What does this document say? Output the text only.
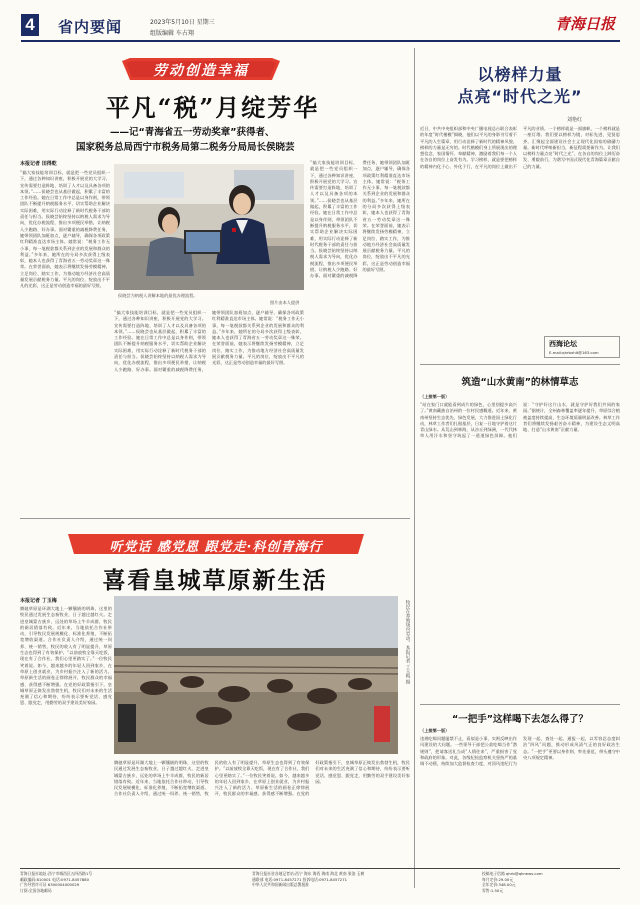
4 省内要闻	2023年5月10日 星期三
组版编辑 车占翔
青海日报
劳动创造幸福
平凡“税”月绽芳华
——记“青海省五一劳动奖章”获得者、
国家税务总局西宁市税务局第二税务分局局长侯晓芸
本报记者 田得乾
“搞大家技能培训目标，就是把一些党员组织一下，通过各种知识讲座，积极开展党的大学习。宣传需要打造阵地、培训了人才以及具备各项的本领。”……侯晓芸也从基层做起，积累了丰富的工作经验。她在日常工作中总是以身作则，带领团队不断提升纳税服务水平，切实帮助企业解决实际困难，用实际行动诠释了新时代税务干部的责任与担当。侯晓芸始终坚持以纳税人需求为导向，优化办税流程，推出多项便民举措，让纳税人少跑路、好办事。面对繁重的减税降费任务，她带领团队加班加点，逐户辅导，确保各项政策红利精准直达市场主体。她常说：“税务工作无小事，每一笔税款都关系到企业的发展和群众的利益。”多年来，她所在的分局多次获得上级表彰，她本人也获得了青海省五一劳动奖章这一殊荣。在荣誉面前，她表示将继续发扬劳模精神，立足岗位、踏实工作，为推动地方经济社会高质量发展贡献税务力量。平凡的岗位，绽放出不平凡的光彩，这正是劳动创造幸福的最好写照。
侯晓芸为纳税人讲解本地的最优办理流程。
照片由本人提供
“搞大家技能培训目标，就是把一些党员组织一下，通过各种知识讲座，积极开展党的大学习。宣传需要打造阵地、培训了人才以及具备各项的本领。”……侯晓芸也从基层做起，积累了丰富的工作经验。她在日常工作中总是以身作则，带领团队不断提升纳税服务水平，切实帮助企业解决实际困难，用实际行动诠释了新时代税务干部的责任与担当。侯晓芸始终坚持以纳税人需求为导向，优化办税流程，推出多项便民举措，让纳税人少跑路、好办事。面对繁重的减税降费任务，她带领团队加班加点，逐户辅导，确保各项政策红利精准直达市场主体。她常说：“税务工作无小事，每一笔税款都关系到企业的发展和群众的利益。”多年来，她所在的分局多次获得上级表彰，她本人也获得了青海省五一劳动奖章这一殊荣。在荣誉面前，她表示将继续发扬劳模精神，立足岗位、踏实工作，为推动地方经济社会高质量发展贡献税务力量。平凡的岗位，绽放出不平凡的光彩，这正是劳动创造幸福的最好写照。
“搞大家技能培训目标，就是把一些党员组织一下，通过各种知识讲座，积极开展党的大学习。宣传需要打造阵地、培训了人才以及具备各项的本领。”……侯晓芸也从基层做起，积累了丰富的工作经验。她在日常工作中总是以身作则，带领团队不断提升纳税服务水平，切实帮助企业解决实际困难，用实际行动诠释了新时代税务干部的责任与担当。侯晓芸始终坚持以纳税人需求为导向，优化办税流程，推出多项便民举措，让纳税人少跑路、好办事。面对繁重的减税降费任务，她带领团队加班加点，逐户辅导，确保各项政策红利精准直达市场主体。她常说：“税务工作无小事，每一笔税款都关系到企业的发展和群众的利益。”多年来，她所在的分局多次获得上级表彰，她本人也获得了青海省五一劳动奖章这一殊荣。在荣誉面前，她表示将继续发扬劳模精神，立足岗位、踏实工作，为推动地方经济社会高质量发展贡献税务力量。平凡的岗位，绽放出不平凡的光彩，这正是劳动创造幸福的最好写照。
听党话 感党恩 跟党走·科创青海行
喜看皇城草原新生活
本报记者 丁玉梅
腾驰草原是环湖大地上一颗镶嵌的明珠，这里的牧民通过发展生态畜牧业，日子越过越红火。走进皇城蒙古族乡，远处的草场上牛羊成群，牧民的新居错落有致。近年来，当地依托合作社带动，引导牧民发展规模化、标准化养殖，不断拓宽增收渠道。合作社负责人介绍，通过统一饲养、统一销售，牧民的收入有了明显提升，草原生态也得到了有效保护。“以前放牧全靠天吃饭，现在有了合作社，我们心里更踏实了。”一位牧民笑着说。如今，越来越多的年轻人回到家乡，在草原上创业就业，为乡村振兴注入了新的活力。草原新生活的画卷正徐徐展开，牧民群众的幸福感、获得感不断增强。在党的好政策指引下，皇城草原正焕发出勃勃生机，牧民们对未来的生活充满了信心和期待，纷纷表示要听党话、感党恩、跟党走，用勤劳的双手建设美好家园。
牧民在养殖场内劳动。本报记者 丁玉梅 摄
腾驰草原是环湖大地上一颗镶嵌的明珠，这里的牧民通过发展生态畜牧业，日子越过越红火。走进皇城蒙古族乡，远处的草场上牛羊成群，牧民的新居错落有致。近年来，当地依托合作社带动，引导牧民发展规模化、标准化养殖，不断拓宽增收渠道。合作社负责人介绍，通过统一饲养、统一销售，牧民的收入有了明显提升，草原生态也得到了有效保护。“以前放牧全靠天吃饭，现在有了合作社，我们心里更踏实了。”一位牧民笑着说。如今，越来越多的年轻人回到家乡，在草原上创业就业，为乡村振兴注入了新的活力。草原新生活的画卷正徐徐展开，牧民群众的幸福感、获得感不断增强。在党的好政策指引下，皇城草原正焕发出勃勃生机，牧民们对未来的生活充满了信心和期待，纷纷表示要听党话、感党恩、跟党走，用勤劳的双手建设美好家园。
以榜样力量
点亮“时代之光”
刘艳红
近日，中共中央组织部和中央广播电视总台联合表彰的年度“时代楷模”揭晓，他们以平凡的身影书写着不平凡的人生篇章，用行动诠释了新时代的精神风貌。榜样的力量是无穷的。时代楷模们身上所展现出的理想信念、家国情怀、奉献精神，激励着我们每一个人在各自的岗位上奋发有为。学习榜样，就是要把榜样的精神内化于心、外化于行，在平凡的岗位上做出不平凡的业绩。一个榜样就是一面旗帜，一个榜样就是一座灯塔。我们要以榜样为镜，对标先进、见贤思齐，汇聚起全面建设社会主义现代化国家的磅礴力量。新时代呼唤新担当，新征程需要新作为。让我们以榜样力量点亮“时代之光”，在各自的岗位上踔厉奋发、勇毅前行，为谱写中国式现代化青海篇章贡献自己的力量。
西海论坛
E-mail:qhrbxhlt@163.com
筑造“山水黄南”的林情草志
（上接第一版）
“站在家门口就能看到成片的绿色，心里别提多高兴了。”黄南藏族自治州的一位村民感慨道。近年来，黄南州坚持生态优先、绿色发展，大力推进国土绿化行动，林草工作者们扎根基层，日复一日地守护着这片青山绿水。从荒山到林海，从沙丘到绿洲，一代代林草人用汗水和坚守筑起了一道道绿色屏障。他们说：“守护好这片山水，就是守护好我们共同的家园。”据统计，全州森林覆盖率逐年提升，草原综合植被盖度持续提高，生态环境质量明显改善。林草工作者们将继续发扬艰苦奋斗精神，为建设生态文明高地、打造“山水黄南”贡献力量。
“一把手”这样喝下去怎么得了？
（上接第一版）
违规吃喝问题屡禁不止，看似是小事，实则反映出作风建设的大问题。一些领导干部把公款吃喝当作“潜规则”，把请客送礼当成“人情往来”，严重损害了党和政府的形象。对此，各级纪检监察机关坚持严的基调不动摇，持续加大监督检查力度，对顶风违纪行为发现一起、查处一起、通报一起，以零容忍态度纠治“四风”问题，推动形成风清气正的良好政治生态。“一把手”更要以身作则、率先垂范，带头遵守中央八项规定精神。
青海日报社地址:西宁市城西区五四西路1号
邮政编码:810001 电话:0971-8457880
广告经营许可证 6300004000029
订阅:全国各地邮局
青海日报社驻各地记者站:西宁 海东 海西 海南 海北 黄南 果洛 玉树
通联部 电话:0971-8457271 投诉电话:0971-8457271
中华人民共和国新闻出版总署批准
投稿电子信箱 qhrb@qhnews.com
每月定价:29.00元
全年定价:348.00元
零售:1.50元
